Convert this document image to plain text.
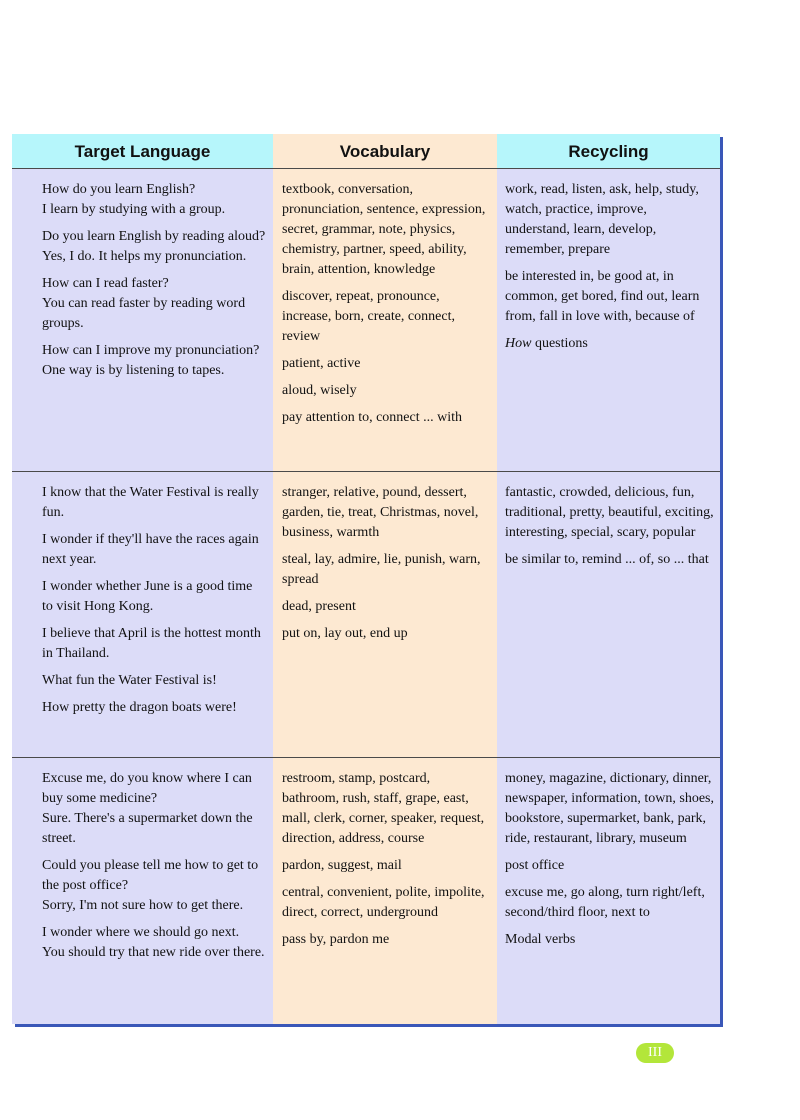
Target Language	Vocabulary	Recycling

How do you learn English?
I learn by studying with a group.

Do you learn English by reading aloud?
Yes, I do. It helps my pronunciation.

How can I read faster?
You can read faster by reading word groups.

How can I improve my pronunciation?
One way is by listening to tapes.

textbook, conversation, pronunciation, sentence, expression, secret, grammar, note, physics, chemistry, partner, speed, ability, brain, attention, knowledge

discover, repeat, pronounce, increase, born, create, connect, review

patient, active

aloud, wisely

pay attention to, connect ... with

work, read, listen, ask, help, study, watch, practice, improve, understand, learn, develop, remember, prepare

be interested in, be good at, in common, get bored, find out, learn from, fall in love with, because of

How questions

I know that the Water Festival is really fun.

I wonder if they'll have the races again next year.

I wonder whether June is a good time to visit Hong Kong.

I believe that April is the hottest month in Thailand.

What fun the Water Festival is!

How pretty the dragon boats were!

stranger, relative, pound, dessert, garden, tie, treat, Christmas, novel, business, warmth

steal, lay, admire, lie, punish, warn, spread

dead, present

put on, lay out, end up

fantastic, crowded, delicious, fun, traditional, pretty, beautiful, exciting, interesting, special, scary, popular

be similar to, remind ... of, so ... that

Excuse me, do you know where I can buy some medicine?
Sure. There's a supermarket down the street.

Could you please tell me how to get to the post office?
Sorry, I'm not sure how to get there.

I wonder where we should go next.
You should try that new ride over there.

restroom, stamp, postcard, bathroom, rush, staff, grape, east, mall, clerk, corner, speaker, request, direction, address, course

pardon, suggest, mail

central, convenient, polite, impolite, direct, correct, underground

pass by, pardon me

money, magazine, dictionary, dinner, newspaper, information, town, shoes, bookstore, supermarket, bank, park, ride, restaurant, library, museum

post office

excuse me, go along, turn right/left, second/third floor, next to

Modal verbs

III
